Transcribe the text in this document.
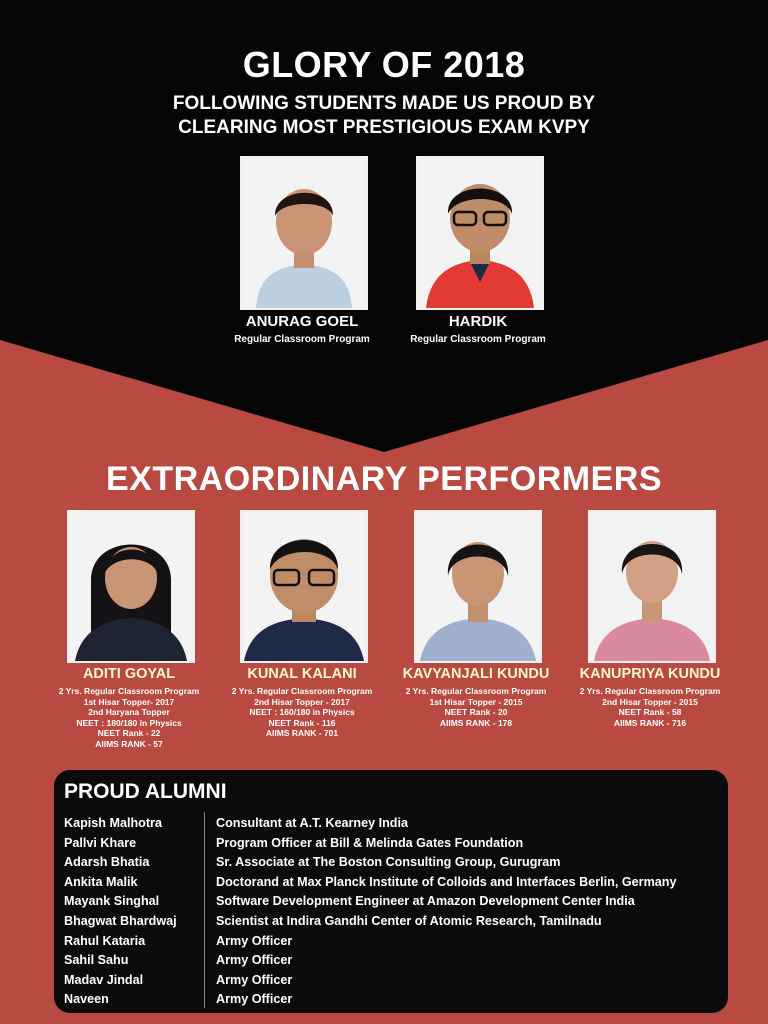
GLORY OF 2018
FOLLOWING STUDENTS MADE US PROUD BY
CLEARING MOST PRESTIGIOUS EXAM KVPY
ANURAG GOEL
Regular Classroom Program
HARDIK
Regular Classroom Program
EXTRAORDINARY PERFORMERS
ADITI GOYAL
2 Yrs. Regular Classroom Program
1st Hisar Topper- 2017
2nd Haryana Topper
NEET : 180/180 in Physics
NEET Rank - 22
AIIMS RANK - 57
KUNAL KALANI
2 Yrs. Regular Classroom Program
2nd Hisar Topper - 2017
NEET : 160/180 in Physics
NEET Rank - 116
AIIMS RANK - 701
KAVYANJALI KUNDU
2 Yrs. Regular Classroom Program
1st Hisar Topper - 2015
NEET Rank - 20
AIIMS RANK - 178
KANUPRIYA KUNDU
2 Yrs. Regular Classroom Program
2nd Hisar Topper - 2015
NEET Rank - 58
AIIMS RANK - 716
PROUD ALUMNI
Kapish Malhotra
Pallvi Khare
Adarsh Bhatia
Ankita Malik
Mayank Singhal
Bhagwat Bhardwaj
Rahul Kataria
Sahil Sahu
Madav Jindal
Naveen
Consultant at A.T. Kearney India
Program Officer at Bill & Melinda Gates Foundation
Sr. Associate at The Boston Consulting Group, Gurugram
Doctorand at Max Planck Institute of Colloids and Interfaces Berlin, Germany
Software Development Engineer at Amazon Development Center India
Scientist at Indira Gandhi Center of Atomic Research, Tamilnadu
Army Officer
Army Officer
Army Officer
Army Officer
